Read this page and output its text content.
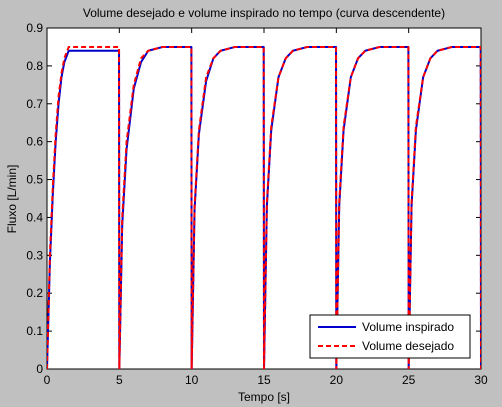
Volume desejado e volume inspirado no tempo (curva descendente)
0	5	10	15	20	25	30
0
0.1
0.2
0.3
0.4
0.5
0.6
0.7
0.8
0.9
Tempo [s]
Fluxo [L/min]
Volume inspirado
Volume desejado
